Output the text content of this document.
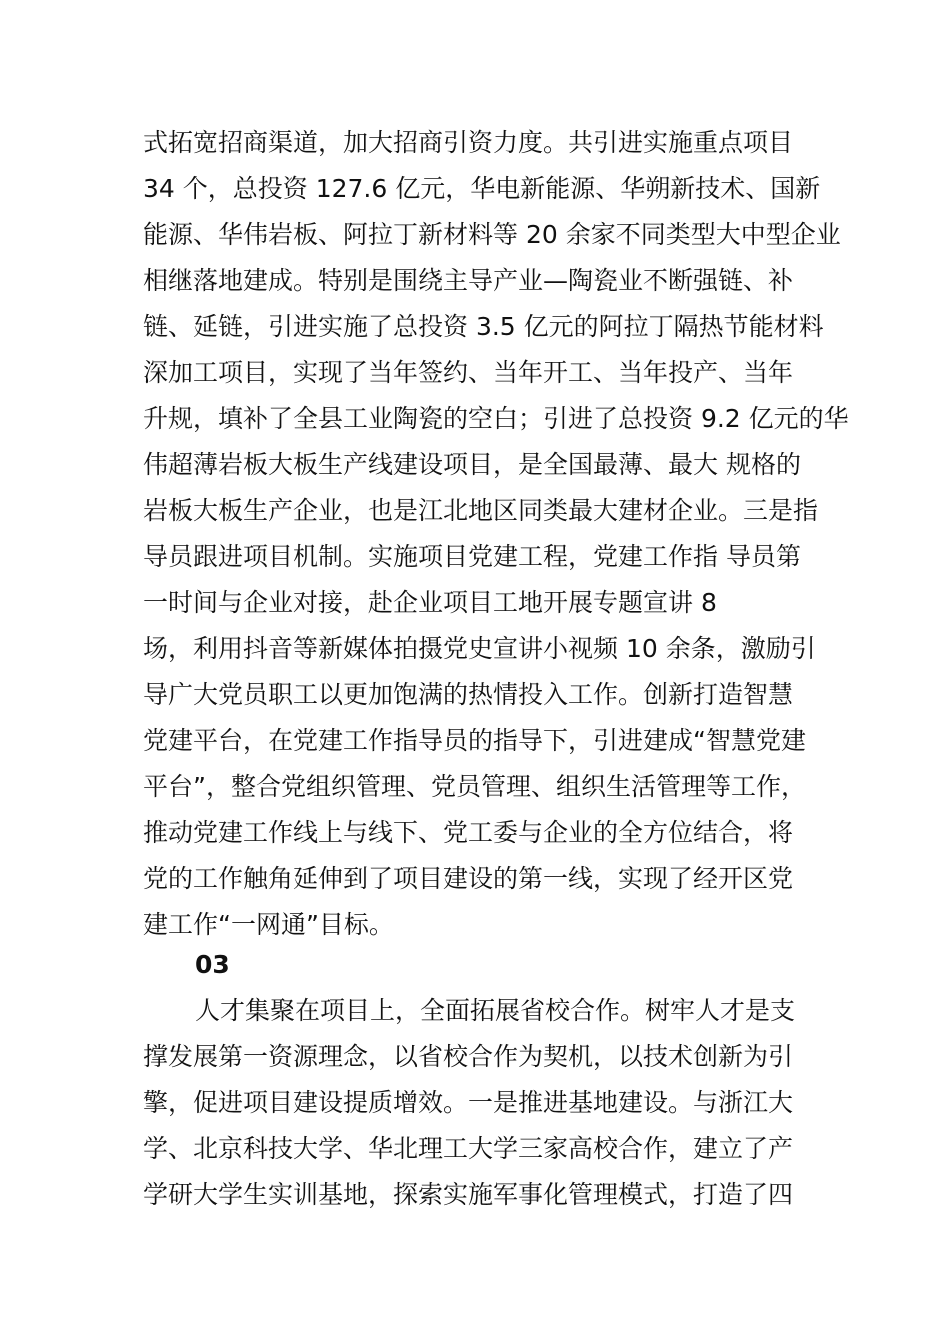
式拓宽招商渠道，加大招商引资力度。共引进实施重点项目
34 个，总投资 127.6 亿元，华电新能源、华朔新技术、国新
能源、华伟岩板、阿拉丁新材料等 20 余家不同类型大中型企业
相继落地建成。特别是围绕主导产业—陶瓷业不断强链、补
链、延链，引进实施了总投资 3.5 亿元的阿拉丁隔热节能材料
深加工项目，实现了当年签约、当年开工、当年投产、当年
升规，填补了全县工业陶瓷的空白；引进了总投资 9.2 亿元的华
伟超薄岩板大板生产线建设项目，是全国最薄、最大 规格的
岩板大板生产企业，也是江北地区同类最大建材企业。三是指
导员跟进项目机制。实施项目党建工程，党建工作指 导员第
一时间与企业对接，赴企业项目工地开展专题宣讲 8
场，利用抖音等新媒体拍摄党史宣讲小视频 10 余条，激励引
导广大党员职工以更加饱满的热情投入工作。创新打造智慧
党建平台，在党建工作指导员的指导下，引进建成“智慧党建
平台”，整合党组织管理、党员管理、组织生活管理等工作，
推动党建工作线上与线下、党工委与企业的全方位结合，将
党的工作触角延伸到了项目建设的第一线，实现了经开区党
建工作“一网通”目标。
03
人才集聚在项目上，全面拓展省校合作。树牢人才是支
撑发展第一资源理念，以省校合作为契机，以技术创新为引
擎，促进项目建设提质增效。一是推进基地建设。与浙江大
学、北京科技大学、华北理工大学三家高校合作，建立了产
学研大学生实训基地，探索实施军事化管理模式，打造了四
